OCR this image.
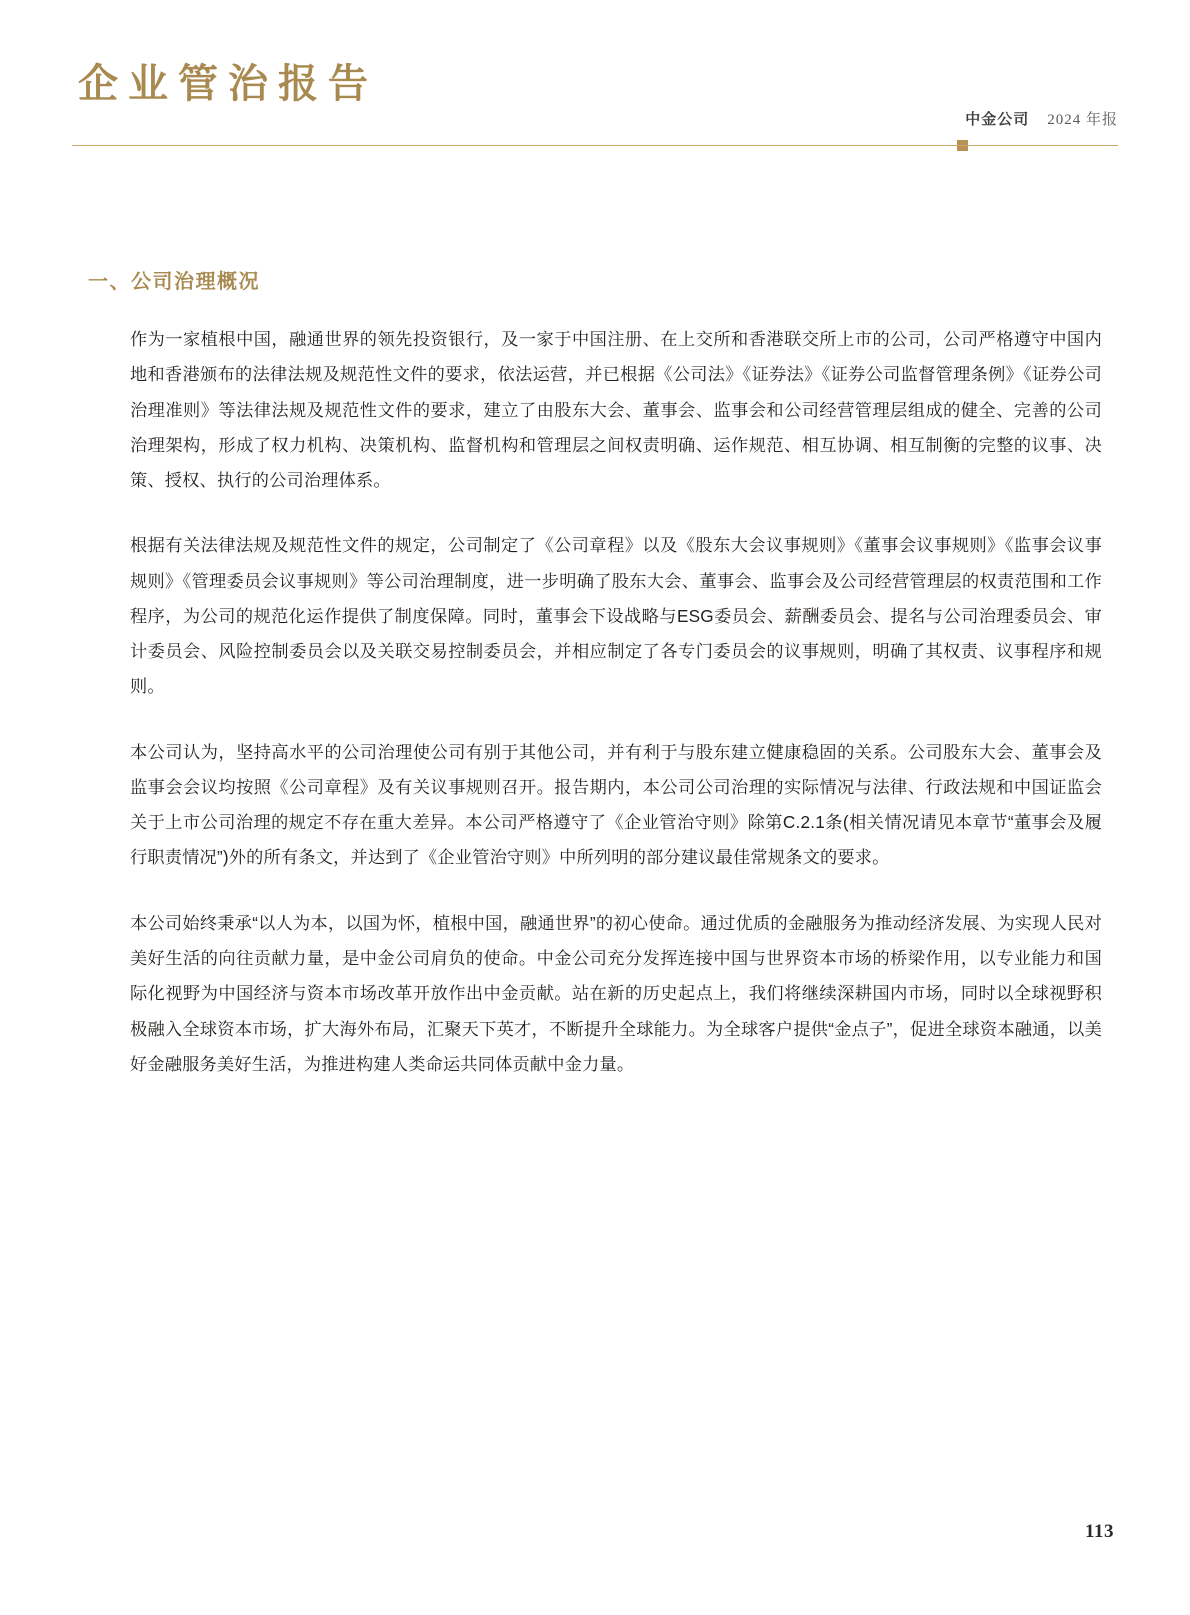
企业管治报告
中金公司 2024 年报
一、公司治理概况

作为一家植根中国，融通世界的领先投资银行，及一家于中国注册、在上交所和香港联交所上市的公司，公司严格遵守中国内地和香港颁布的法律法规及规范性文件的要求，依法运营，并已根据《公司法》《证券法》《证券公司监督管理条例》《证券公司治理准则》等法律法规及规范性文件的要求，建立了由股东大会、董事会、监事会和公司经营管理层组成的健全、完善的公司治理架构，形成了权力机构、决策机构、监督机构和管理层之间权责明确、运作规范、相互协调、相互制衡的完整的议事、决策、授权、执行的公司治理体系。

根据有关法律法规及规范性文件的规定，公司制定了《公司章程》以及《股东大会议事规则》《董事会议事规则》《监事会议事规则》《管理委员会议事规则》等公司治理制度，进一步明确了股东大会、董事会、监事会及公司经营管理层的权责范围和工作程序，为公司的规范化运作提供了制度保障。同时，董事会下设战略与ESG委员会、薪酬委员会、提名与公司治理委员会、审计委员会、风险控制委员会以及关联交易控制委员会，并相应制定了各专门委员会的议事规则，明确了其权责、议事程序和规则。

本公司认为，坚持高水平的公司治理使公司有别于其他公司，并有利于与股东建立健康稳固的关系。公司股东大会、董事会及监事会会议均按照《公司章程》及有关议事规则召开。报告期内，本公司公司治理的实际情况与法律、行政法规和中国证监会关于上市公司治理的规定不存在重大差异。本公司严格遵守了《企业管治守则》除第C.2.1条(相关情况请见本章节“董事会及履行职责情况”)外的所有条文，并达到了《企业管治守则》中所列明的部分建议最佳常规条文的要求。

本公司始终秉承“以人为本，以国为怀，植根中国，融通世界”的初心使命。通过优质的金融服务为推动经济发展、为实现人民对美好生活的向往贡献力量，是中金公司肩负的使命。中金公司充分发挥连接中国与世界资本市场的桥梁作用，以专业能力和国际化视野为中国经济与资本市场改革开放作出中金贡献。站在新的历史起点上，我们将继续深耕国内市场，同时以全球视野积极融入全球资本市场，扩大海外布局，汇聚天下英才，不断提升全球能力。为全球客户提供“金点子”，促进全球资本融通，以美好金融服务美好生活，为推进构建人类命运共同体贡献中金力量。

113
